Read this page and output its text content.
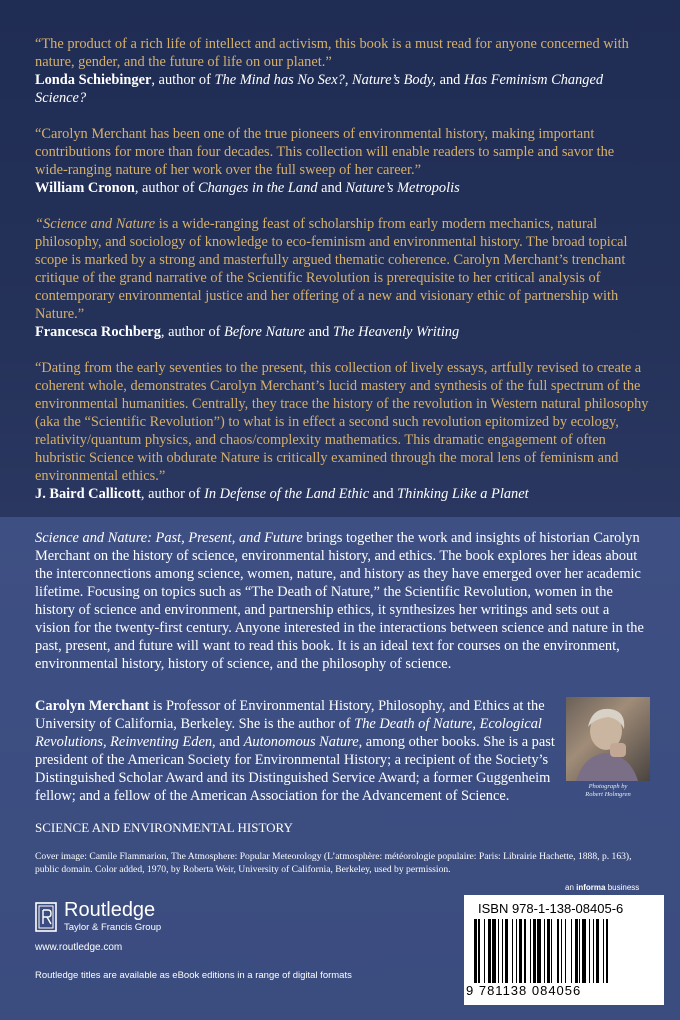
“The product of a rich life of intellect and activism, this book is a must read for anyone concerned with nature, gender, and the future of life on our planet.”
Londa Schiebinger, author of The Mind has No Sex?, Nature’s Body, and Has Feminism Changed Science?
“Carolyn Merchant has been one of the true pioneers of environmental history, making important contributions for more than four decades. This collection will enable readers to sample and savor the wide-ranging nature of her work over the full sweep of her career.”
William Cronon, author of Changes in the Land and Nature’s Metropolis
“Science and Nature is a wide-ranging feast of scholarship from early modern mechanics, natural philosophy, and sociology of knowledge to eco-feminism and environmental history. The broad topical scope is marked by a strong and masterfully argued thematic coherence. Carolyn Merchant’s trenchant critique of the grand narrative of the Scientific Revolution is prerequisite to her critical analysis of contemporary environmental justice and her offering of a new and visionary ethic of partnership with Nature.”
Francesca Rochberg, author of Before Nature and The Heavenly Writing
“Dating from the early seventies to the present, this collection of lively essays, artfully revised to create a coherent whole, demonstrates Carolyn Merchant’s lucid mastery and synthesis of the full spectrum of the environmental humanities. Centrally, they trace the history of the revolution in Western natural philosophy (aka the “Scientific Revolution”) to what is in effect a second such revolution epitomized by ecology, relativity/quantum physics, and chaos/complexity mathematics. This dramatic engagement of often hubristic Science with obdurate Nature is critically examined through the moral lens of feminism and environmental ethics.”
J. Baird Callicott, author of In Defense of the Land Ethic and Thinking Like a Planet
Science and Nature: Past, Present, and Future brings together the work and insights of historian Carolyn Merchant on the history of science, environmental history, and ethics. The book explores her ideas about the interconnections among science, women, nature, and history as they have emerged over her academic lifetime. Focusing on topics such as “The Death of Nature,” the Scientific Revolution, women in the history of science and environment, and partnership ethics, it synthesizes her writings and sets out a vision for the twenty-first century. Anyone interested in the interactions between science and nature in the past, present, and future will want to read this book. It is an ideal text for courses on the environment, environmental history, history of science, and the philosophy of science.
Carolyn Merchant is Professor of Environmental History, Philosophy, and Ethics at the University of California, Berkeley. She is the author of The Death of Nature, Ecological Revolutions, Reinventing Eden, and Autonomous Nature, among other books. She is a past president of the American Society for Environmental History; a recipient of the Society’s Distinguished Scholar Award and its Distinguished Service Award; a former Guggenheim fellow; and a fellow of the American Association for the Advancement of Science.
Photograph by
Robert Holmgren
SCIENCE AND ENVIRONMENTAL HISTORY
Cover image: Camile Flammarion, The Atmosphere: Popular Meteorology (L’atmosphère: météorologie populaire: Paris: Librairie Hachette, 1888, p. 163), public domain. Color added, 1970, by Roberta Weir, University of California, Berkeley, used by permission.
an informa business
ISBN 978-1-138-08405-6
9 781138 084056
Routledge
Taylor & Francis Group
www.routledge.com
Routledge titles are available as eBook editions in a range of digital formats
